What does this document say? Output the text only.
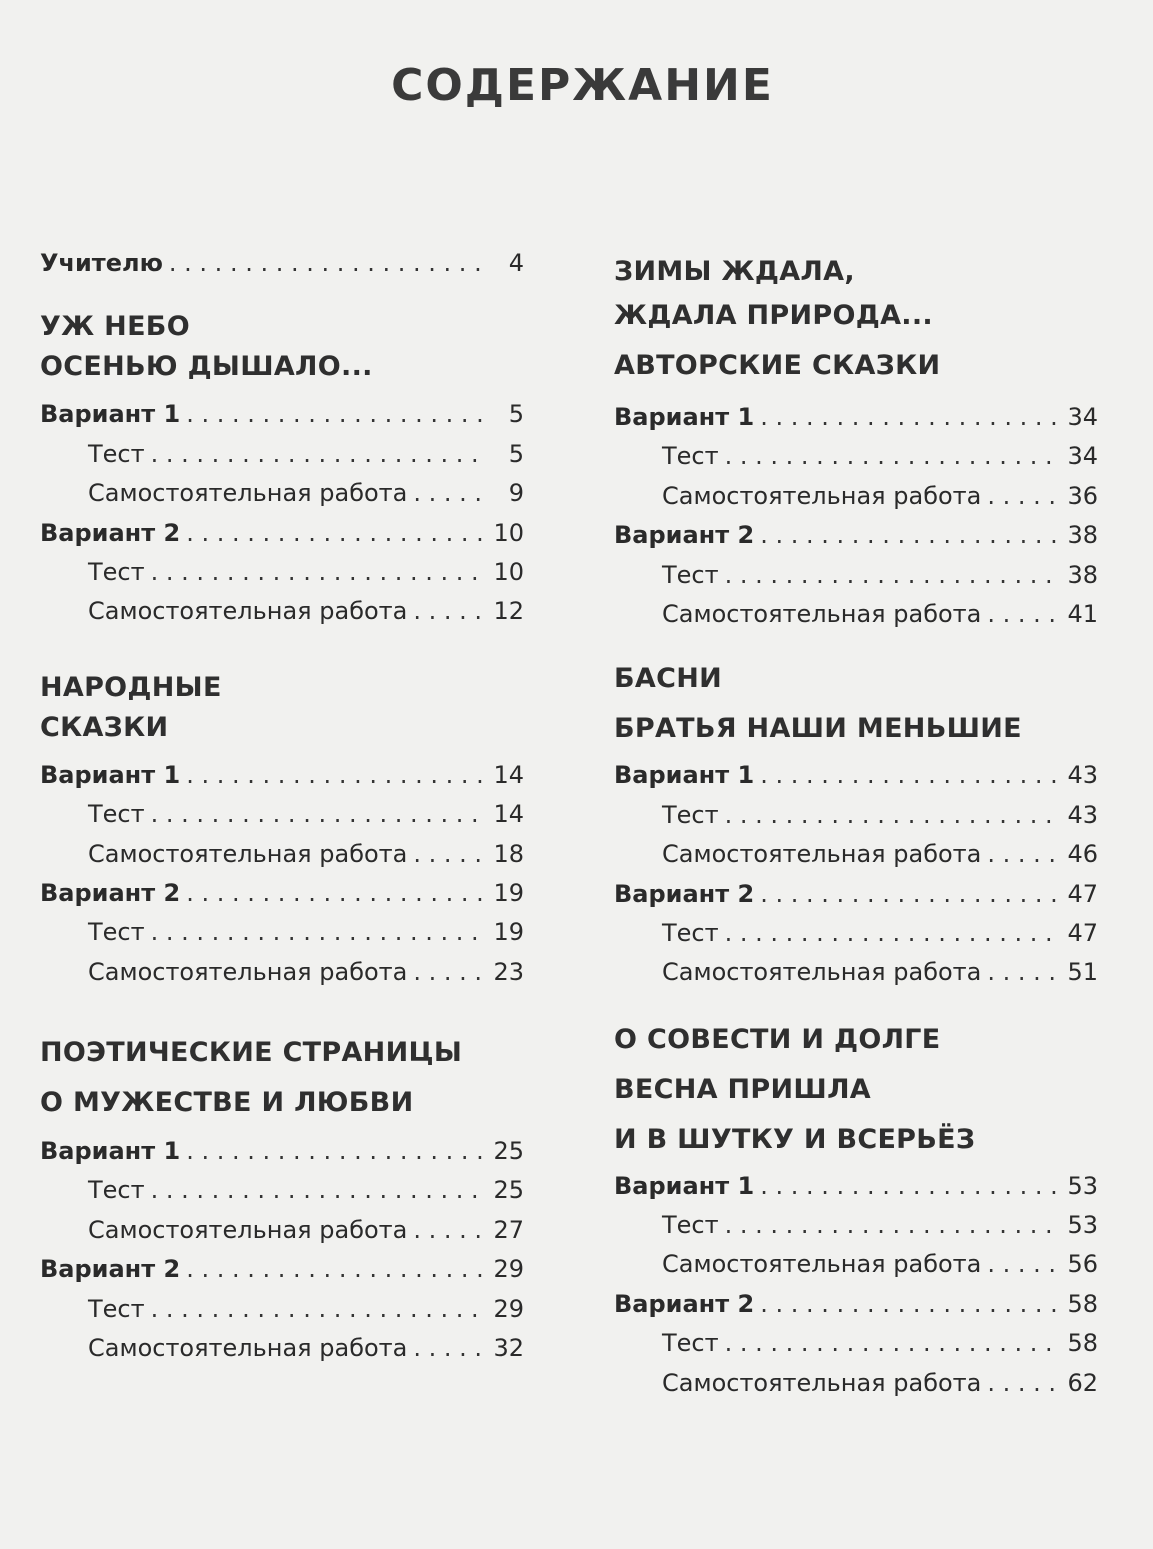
СОДЕРЖАНИЕ
Учителю . . .	4
УЖ НЕБО
ОСЕНЬЮ ДЫШАЛО...
Вариант 1 . . .	5
Тест . . .	5
Самостоятельная работа . . .	9
Вариант 2 . . .	10
Тест . . .	10
Самостоятельная работа . . .	12
НАРОДНЫЕ
СКАЗКИ
Вариант 1 . . .	14
Тест . . .	14
Самостоятельная работа . . .	18
Вариант 2 . . .	19
Тест . . .	19
Самостоятельная работа . . .	23
ПОЭТИЧЕСКИЕ СТРАНИЦЫ
О МУЖЕСТВЕ И ЛЮБВИ
Вариант 1 . . .	25
Тест . . .	25
Самостоятельная работа . . .	27
Вариант 2 . . .	29
Тест . . .	29
Самостоятельная работа . . .	32
ЗИМЫ ЖДАЛА,
ЖДАЛА ПРИРОДА...
АВТОРСКИЕ СКАЗКИ
Вариант 1 . . .	34
Тест . . .	34
Самостоятельная работа . . .	36
Вариант 2 . . .	38
Тест . . .	38
Самостоятельная работа . . .	41
БАСНИ
БРАТЬЯ НАШИ МЕНЬШИЕ
Вариант 1 . . .	43
Тест . . .	43
Самостоятельная работа . . .	46
Вариант 2 . . .	47
Тест . . .	47
Самостоятельная работа . . .	51
О СОВЕСТИ И ДОЛГЕ
ВЕСНА ПРИШЛА
И В ШУТКУ И ВСЕРЬЁЗ
Вариант 1 . . .	53
Тест . . .	53
Самостоятельная работа . . .	56
Вариант 2 . . .	58
Тест . . .	58
Самостоятельная работа . . .	62
